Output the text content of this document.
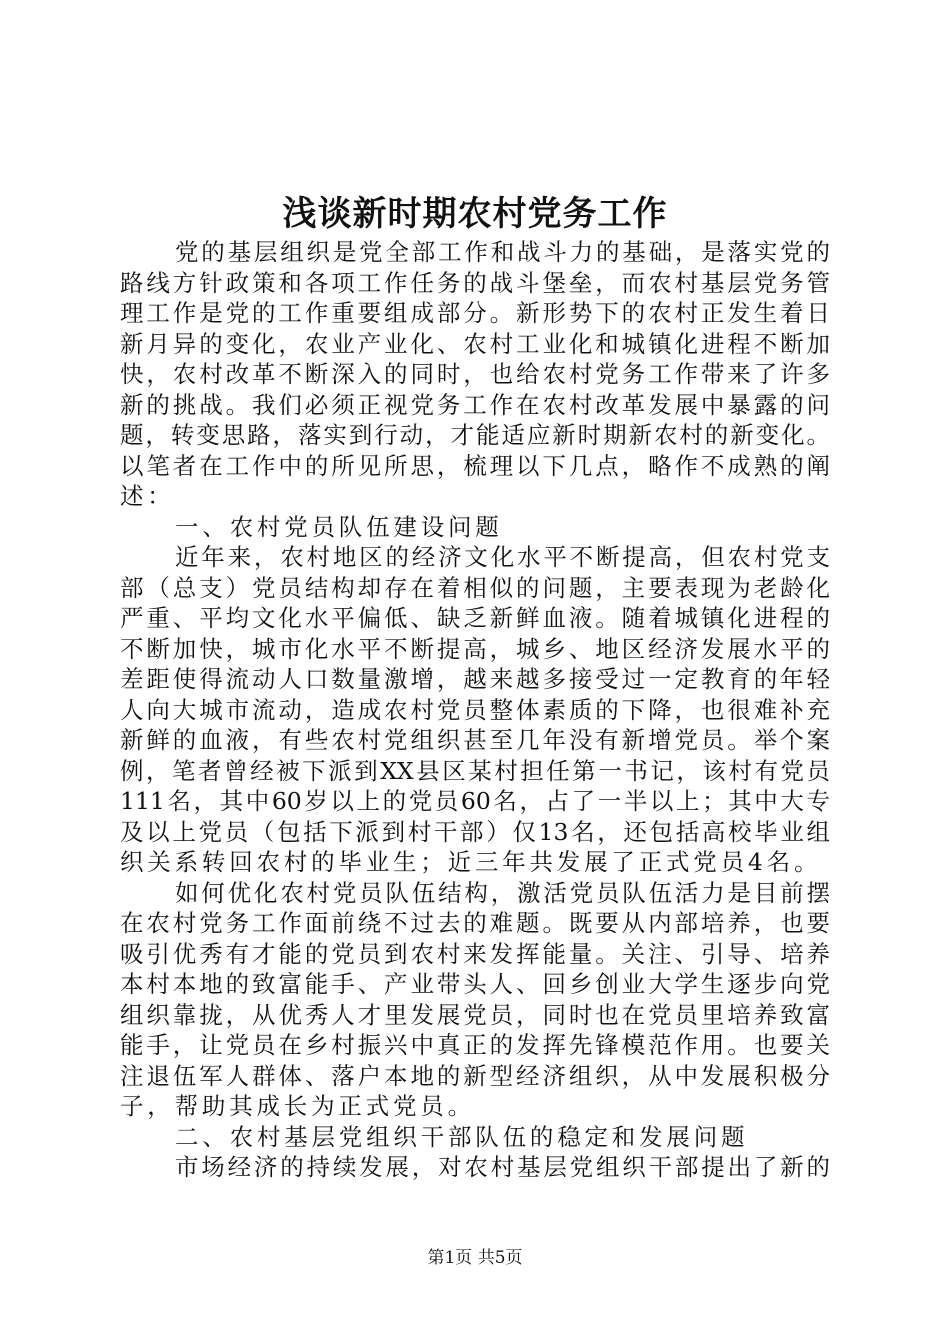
浅谈新时期农村党务工作
党的基层组织是党全部工作和战斗力的基础，是落实党的
路线方针政策和各项工作任务的战斗堡垒，而农村基层党务管
理工作是党的工作重要组成部分。新形势下的农村正发生着日
新月异的变化，农业产业化、农村工业化和城镇化进程不断加
快，农村改革不断深入的同时，也给农村党务工作带来了许多
新的挑战。我们必须正视党务工作在农村改革发展中暴露的问
题，转变思路，落实到行动，才能适应新时期新农村的新变化。
以笔者在工作中的所见所思，梳理以下几点，略作不成熟的阐
述：
一、农村党员队伍建设问题
近年来，农村地区的经济文化水平不断提高，但农村党支
部（总支）党员结构却存在着相似的问题，主要表现为老龄化
严重、平均文化水平偏低、缺乏新鲜血液。随着城镇化进程的
不断加快，城市化水平不断提高，城乡、地区经济发展水平的
差距使得流动人口数量激增，越来越多接受过一定教育的年轻
人向大城市流动，造成农村党员整体素质的下降，也很难补充
新鲜的血液，有些农村党组织甚至几年没有新增党员。举个案
例，笔者曾经被下派到XX县区某村担任第一书记，该村有党员
111名，其中60岁以上的党员60名，占了一半以上；其中大专
及以上党员（包括下派到村干部）仅13名，还包括高校毕业组
织关系转回农村的毕业生；近三年共发展了正式党员4名。
如何优化农村党员队伍结构，激活党员队伍活力是目前摆
在农村党务工作面前绕不过去的难题。既要从内部培养，也要
吸引优秀有才能的党员到农村来发挥能量。关注、引导、培养
本村本地的致富能手、产业带头人、回乡创业大学生逐步向党
组织靠拢，从优秀人才里发展党员，同时也在党员里培养致富
能手，让党员在乡村振兴中真正的发挥先锋模范作用。也要关
注退伍军人群体、落户本地的新型经济组织，从中发展积极分
子，帮助其成长为正式党员。
二、农村基层党组织干部队伍的稳定和发展问题
市场经济的持续发展，对农村基层党组织干部提出了新的
第1页 共5页
